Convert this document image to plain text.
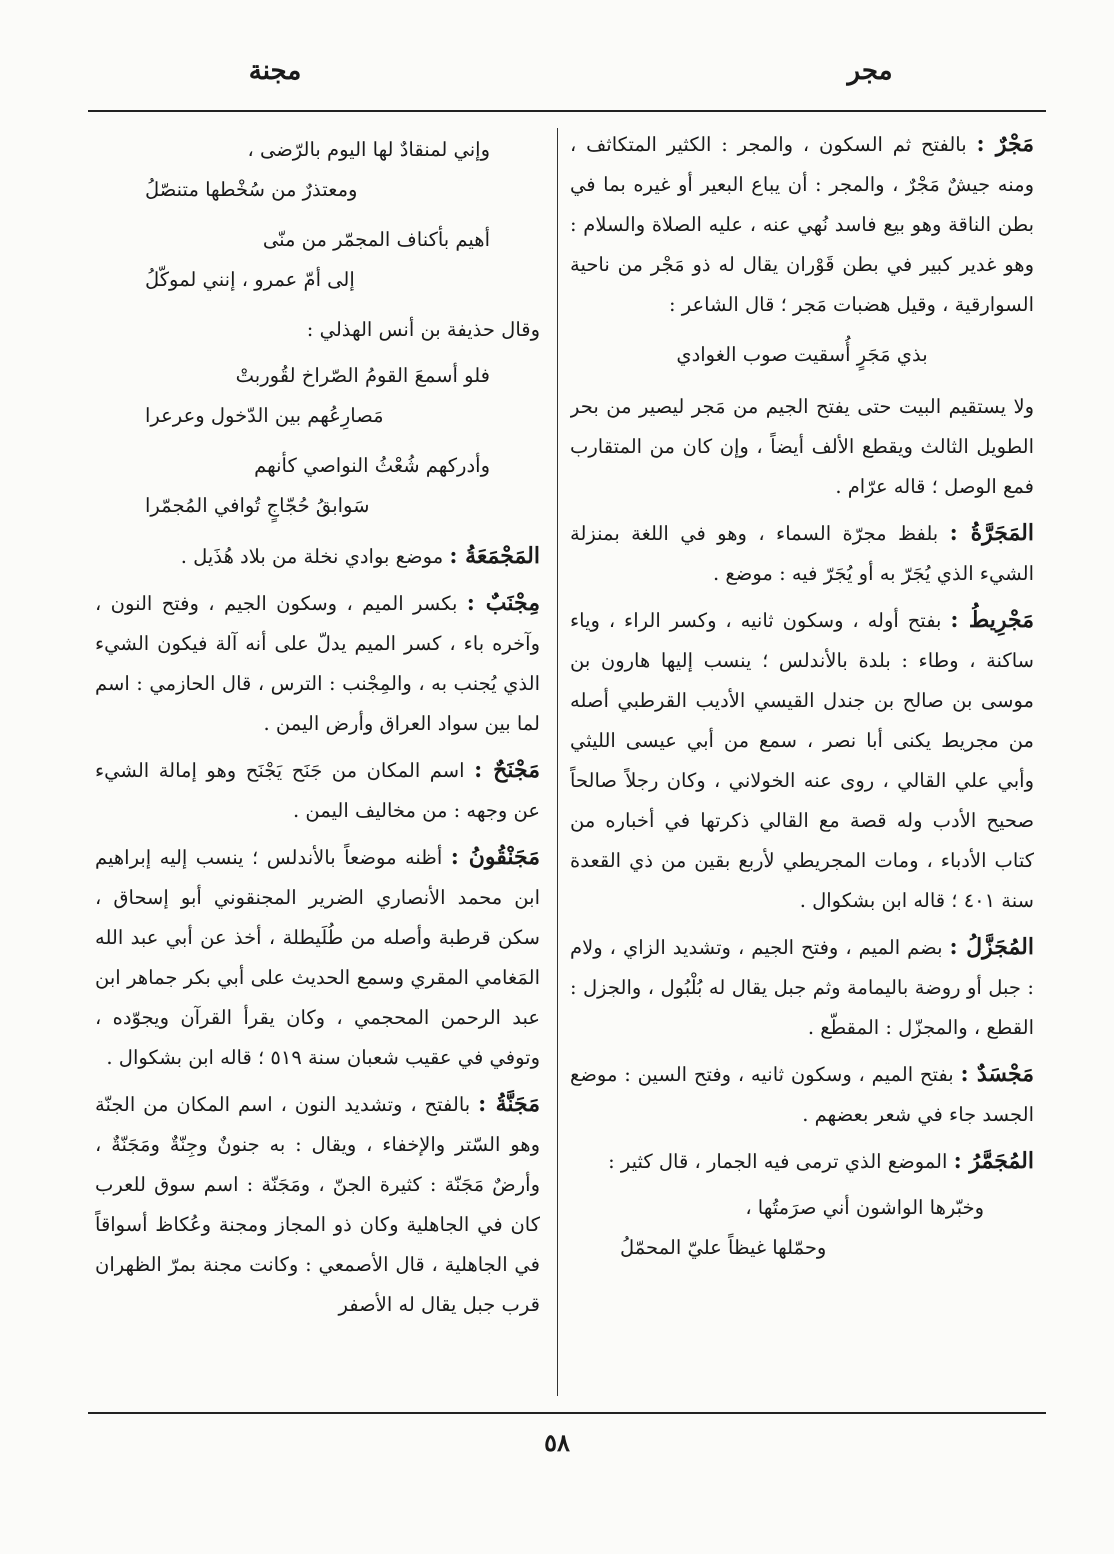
مجر
مجنة

مَجْرٌ : بالفتح ثم السكون ، والمجر : الكثير المتكاثف ، ومنه جيشٌ مَجْرٌ ، والمجر : أن يباع البعير أو غيره بما في بطن الناقة وهو بيع فاسد نُهي عنه ، عليه الصلاة والسلام : وهو غدير كبير في بطن قَوْران يقال له ذو مَجْر من ناحية السوارقية ، وقيل هضبات مَجر ؛ قال الشاعر :

بذي مَجَرٍ أُسقيت صوب الغوادي

ولا يستقيم البيت حتى يفتح الجيم من مَجر ليصير من بحر الطويل الثالث ويقطع الألف أيضاً ، وإن كان من المتقارب فمع الوصل ؛ قاله عرّام .

المَجَرَّةُ : بلفظ مجرّة السماء ، وهو في اللغة بمنزلة الشيء الذي يُجَرّ به أو يُجَرّ فيه : موضع .

مَجْرِيطُ : بفتح أوله ، وسكون ثانيه ، وكسر الراء ، وياء ساكنة ، وطاء : بلدة بالأندلس ؛ ينسب إليها هارون بن موسى بن صالح بن جندل القيسي الأديب القرطبي أصله من مجريط يكنى أبا نصر ، سمع من أبي عيسى الليثي وأبي علي القالي ، روى عنه الخولاني ، وكان رجلاً صالحاً صحيح الأدب وله قصة مع القالي ذكرتها في أخباره من كتاب الأدباء ، ومات المجريطي لأربع بقين من ذي القعدة سنة ٤٠١ ؛ قاله ابن بشكوال .

المُجَزَّلُ : بضم الميم ، وفتح الجيم ، وتشديد الزاي ، ولام : جبل أو روضة باليمامة وثم جبل يقال له بُلْبُول ، والجزل : القطع ، والمجزّل : المقطّع .

مَجْسَدٌ : بفتح الميم ، وسكون ثانيه ، وفتح السين : موضع الجسد جاء في شعر بعضهم .

المُجَمَّرُ : الموضع الذي ترمى فيه الجمار ، قال كثير :

وخبّرها الواشون أني صرَمتُها ،
وحمّلها غيظاً عليّ المحمّلُ
وإني لمنقادٌ لها اليوم بالرّضى ،
ومعتذرٌ من سُخْطها متنصّلُ
أهيم بأكناف المجمّر من منّى
إلى أمّ عمرو ، إنني لموكّلُ

وقال حذيفة بن أنس الهذلي :

فلو أسمعَ القومُ الصّراخ لقُوربتْ
مَصارِعُهم بين الدّخول وعرعرا
وأدركهم شُعْثُ النواصي كأنهم
سَوابقُ حُجّاجٍ تُوافي المُجمّرا

المَجْمَعَةُ : موضع بوادي نخلة من بلاد هُذَيل .

مِجْنَبٌ : بكسر الميم ، وسكون الجيم ، وفتح النون ، وآخره باء ، كسر الميم يدلّ على أنه آلة فيكون الشيء الذي يُجنب به ، والمِجْنب : الترس ، قال الحازمي : اسم لما بين سواد العراق وأرض اليمن .

مَجْنَحٌ : اسم المكان من جَنَح يَجْنَح وهو إمالة الشيء عن وجهه : من مخاليف اليمن .

مَجَنْقُونُ : أظنه موضعاً بالأندلس ؛ ينسب إليه إبراهيم ابن محمد الأنصاري الضرير المجنقوني أبو إسحاق ، سكن قرطبة وأصله من طُلَيطلة ، أخذ عن أبي عبد الله المَغامي المقري وسمع الحديث على أبي بكر جماهر ابن عبد الرحمن المحجمي ، وكان يقرأ القرآن ويجوّده ، وتوفي في عقيب شعبان سنة ٥١٩ ؛ قاله ابن بشكوال .

مَجَنَّةُ : بالفتح ، وتشديد النون ، اسم المكان من الجنّة وهو السّتر والإخفاء ، ويقال : به جنونٌ وجِنّةٌ ومَجَنّةٌ ، وأرضٌ مَجَنّة : كثيرة الجنّ ، ومَجَنّة : اسم سوق للعرب كان في الجاهلية وكان ذو المجاز ومجنة وعُكاظ أسواقاً في الجاهلية ، قال الأصمعي : وكانت مجنة بمرّ الظهران قرب جبل يقال له الأصفر

٥٨
